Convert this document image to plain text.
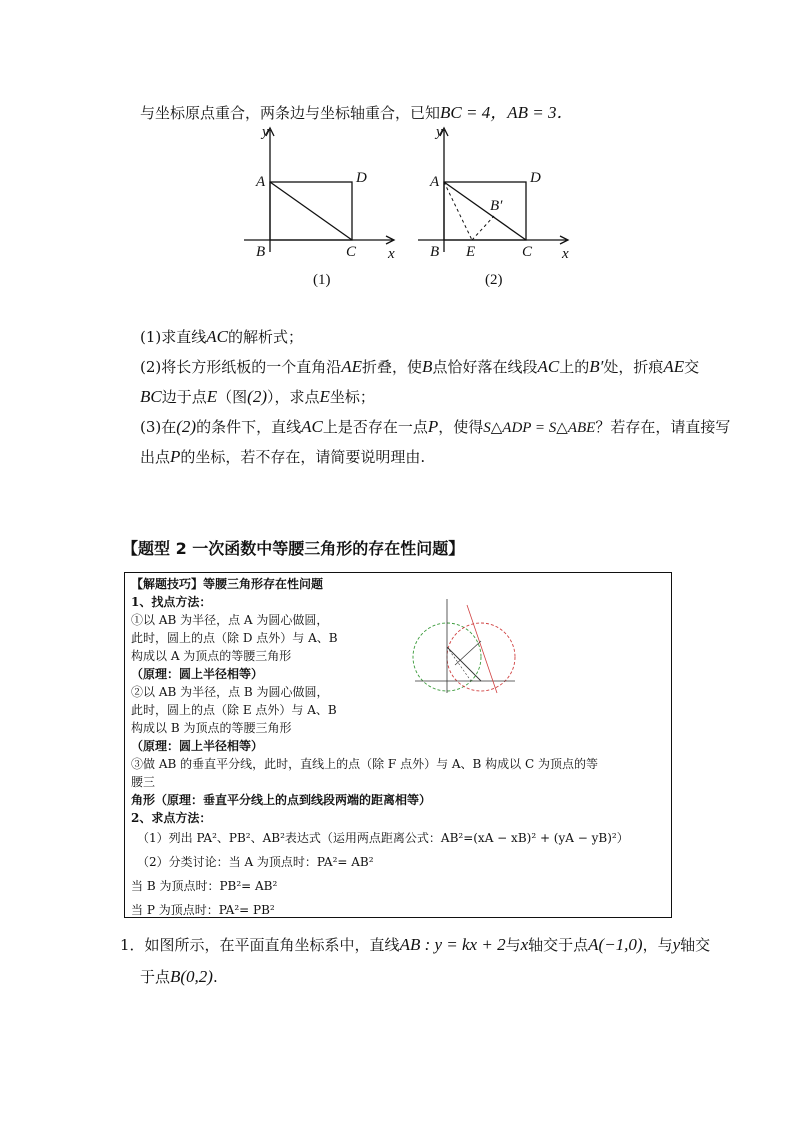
与坐标原点重合，两条边与坐标轴重合，已知BC = 4，AB = 3．
y
x
A
B	C
D
(1)
y
x
A
B	C
D
E
B′
(2)
(1)求直线AC的解析式；
(2)将长方形纸板的一个直角沿AE折叠，使B点恰好落在线段AC上的B′处，折痕AE交
BC边于点E（图(2)），求点E坐标；
(3)在(2)的条件下，直线AC上是否存在一点P，使得S△ADP = S△ABE？若存在，请直接写
出点P的坐标，若不存在，请简要说明理由.
【题型 2 一次函数中等腰三角形的存在性问题】
【解题技巧】等腰三角形存在性问题
1、找点方法：
①以 AB 为半径，点 A 为圆心做圆，
此时，圆上的点（除 D 点外）与 A、B
构成以 A 为顶点的等腰三角形
（原理：圆上半径相等）
②以 AB 为半径，点 B 为圆心做圆，
此时，圆上的点（除 E 点外）与 A、B
构成以 B 为顶点的等腰三角形
（原理：圆上半径相等）
③做 AB 的垂直平分线，此时，直线上的点（除 F 点外）与 A、B 构成以 C 为顶点的等
腰三
角形（原理：垂直平分线上的点到线段两端的距离相等）
2、求点方法：
（1）列出 PA²、PB²、AB²表达式（运用两点距离公式：AB²=(xA − xB)² + (yA − yB)²）
（2）分类讨论：当 A 为顶点时：PA²= AB²
当 B 为顶点时：PB²= AB²
当 P 为顶点时：PA²= PB²
1．如图所示，在平面直角坐标系中，直线AB : y = kx + 2与x轴交于点A(−1,0)，与y轴交
于点B(0,2).
